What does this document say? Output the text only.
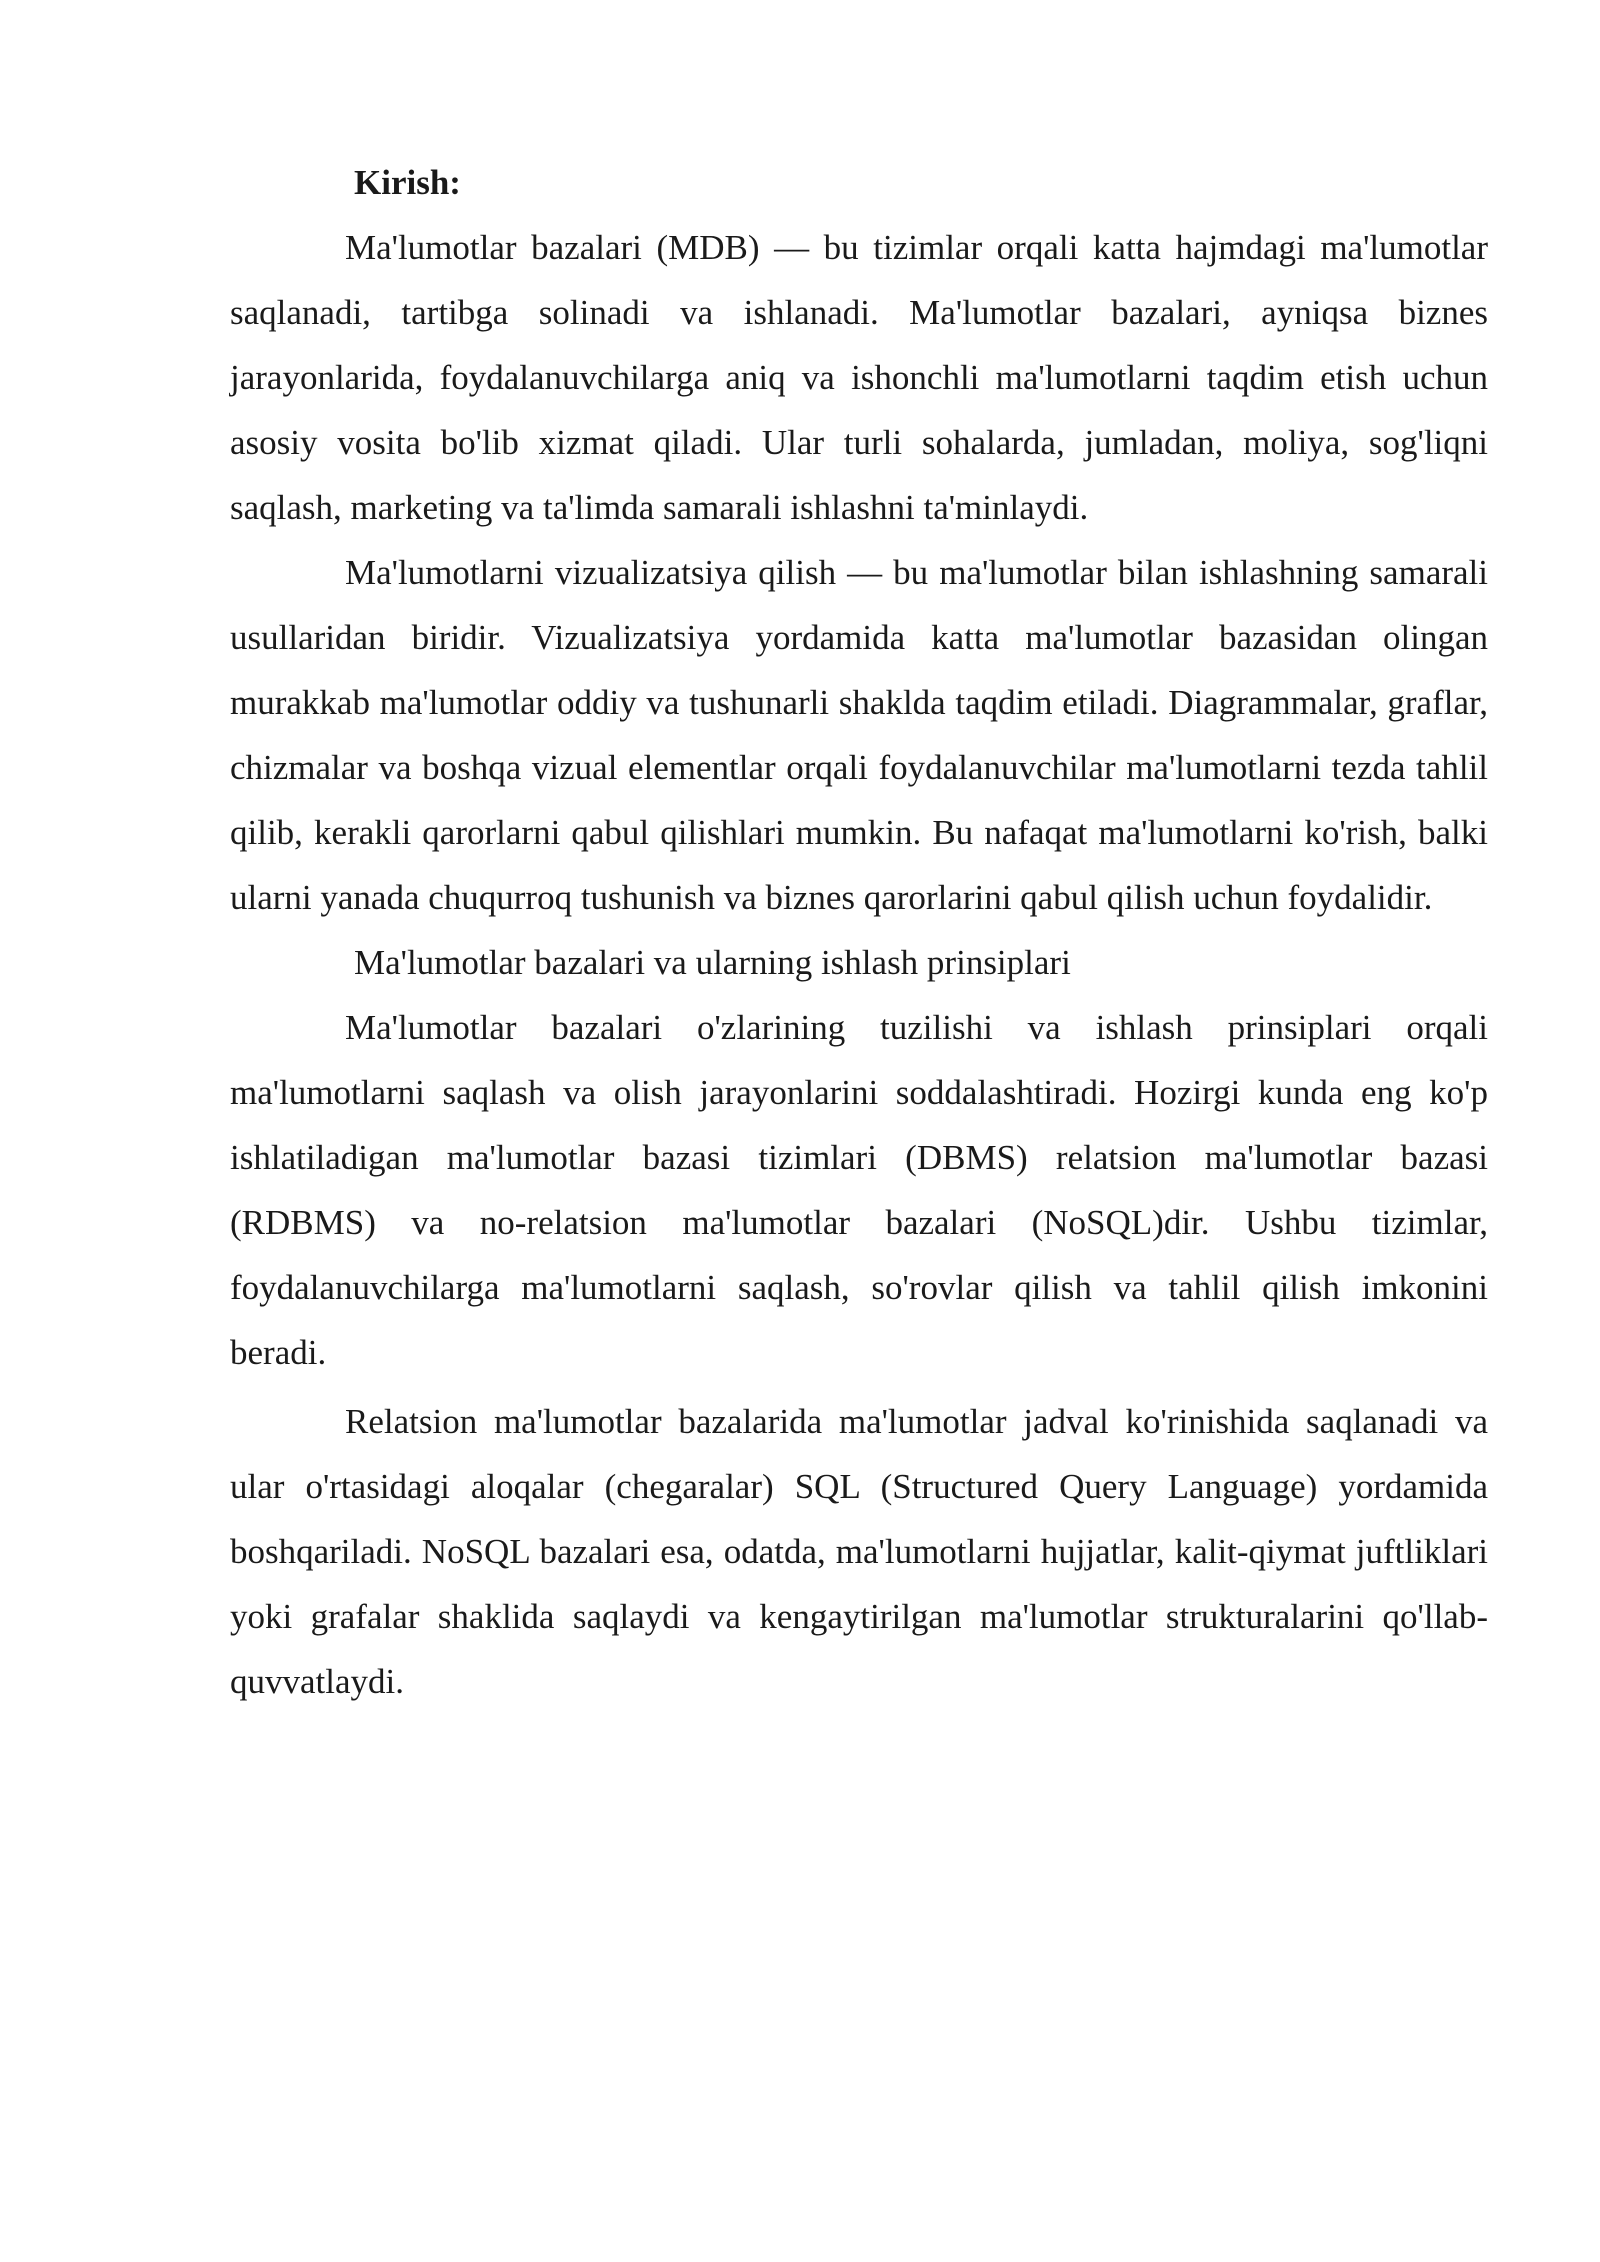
Kirish:

Ma'lumotlar bazalari (MDB) — bu tizimlar orqali katta hajmdagi ma'lumotlar saqlanadi, tartibga solinadi va ishlanadi. Ma'lumotlar bazalari, ayniqsa biznes jarayonlarida, foydalanuvchilarga aniq va ishonchli ma'lumotlarni taqdim etish uchun asosiy vosita bo'lib xizmat qiladi. Ular turli sohalarda, jumladan, moliya, sog'liqni saqlash, marketing va ta'limda samarali ishlashni ta'minlaydi.

Ma'lumotlarni vizualizatsiya qilish — bu ma'lumotlar bilan ishlashning samarali usullaridan biridir. Vizualizatsiya yordamida katta ma'lumotlar bazasidan olingan murakkab ma'lumotlar oddiy va tushunarli shaklda taqdim etiladi. Diagrammalar, graflar, chizmalar va boshqa vizual elementlar orqali foydalanuvchilar ma'lumotlarni tezda tahlil qilib, kerakli qarorlarni qabul qilishlari mumkin. Bu nafaqat ma'lumotlarni ko'rish, balki ularni yanada chuqurroq tushunish va biznes qarorlarini qabul qilish uchun foydalidir.

Ma'lumotlar bazalari va ularning ishlash prinsiplari

Ma'lumotlar bazalari o'zlarining tuzilishi va ishlash prinsiplari orqali ma'lumotlarni saqlash va olish jarayonlarini soddalashtiradi. Hozirgi kunda eng ko'p ishlatiladigan ma'lumotlar bazasi tizimlari (DBMS) relatsion ma'lumotlar bazasi (RDBMS) va no-relatsion ma'lumotlar bazalari (NoSQL)dir. Ushbu tizimlar, foydalanuvchilarga ma'lumotlarni saqlash, so'rovlar qilish va tahlil qilish imkonini beradi.

Relatsion ma'lumotlar bazalarida ma'lumotlar jadval ko'rinishida saqlanadi va ular o'rtasidagi aloqalar (chegaralar) SQL (Structured Query Language) yordamida boshqariladi. NoSQL bazalari esa, odatda, ma'lumotlarni hujjatlar, kalit-qiymat juftliklari yoki grafalar shaklida saqlaydi va kengaytirilgan ma'lumotlar strukturalarini qo'llab-quvvatlaydi.
